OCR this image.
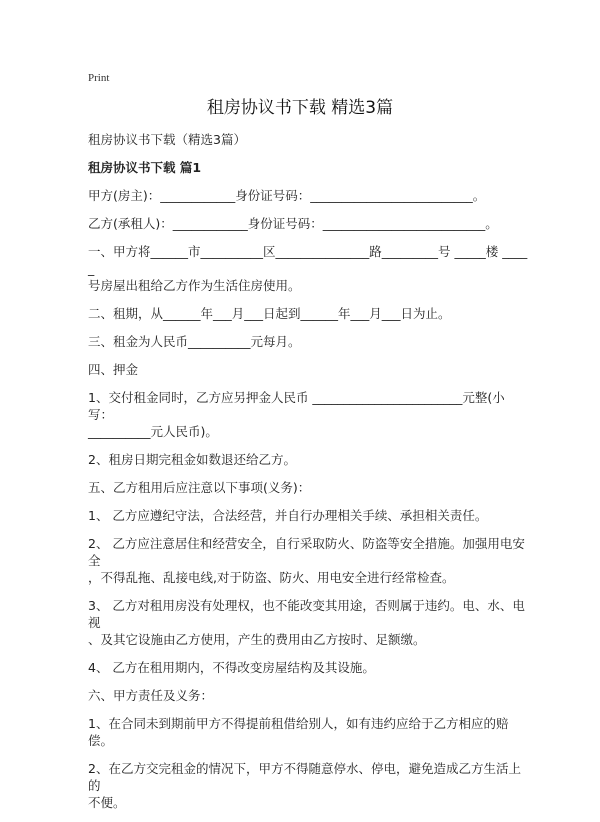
Print
租房协议书下载 精选3篇
租房协议书下载（精选3篇）
租房协议书下载 篇1
甲方(房主)：____________身份证号码：__________________________。
乙方(承租人)：____________身份证号码：__________________________。
一、甲方将______市__________区_______________路_________号 _____楼 _____
号房屋出租给乙方作为生活住房使用。
二、租期，从______年___月___日起到______年___月___日为止。
三、租金为人民币__________元每月。
四、押金
1、交付租金同时，乙方应另押金人民币 ________________________元整(小写：
__________元人民币)。
2、租房日期完租金如数退还给乙方。
五、乙方租用后应注意以下事项(义务)：
1、 乙方应遵纪守法，合法经营，并自行办理相关手续、承担相关责任。
2、 乙方应注意居住和经营安全，自行采取防火、防盗等安全措施。加强用电安全
，不得乱拖、乱接电线,对于防盗、防火、用电安全进行经常检查。
3、 乙方对租用房没有处理权，也不能改变其用途，否则属于违约。电、水、电视
、及其它设施由乙方使用，产生的费用由乙方按时、足额缴。
4、 乙方在租用期内，不得改变房屋结构及其设施。
六、甲方责任及义务：
1、在合同未到期前甲方不得提前租借给别人，如有违约应给于乙方相应的赔偿。
2、在乙方交完租金的情况下，甲方不得随意停水、停电，避免造成乙方生活上的
不便。
